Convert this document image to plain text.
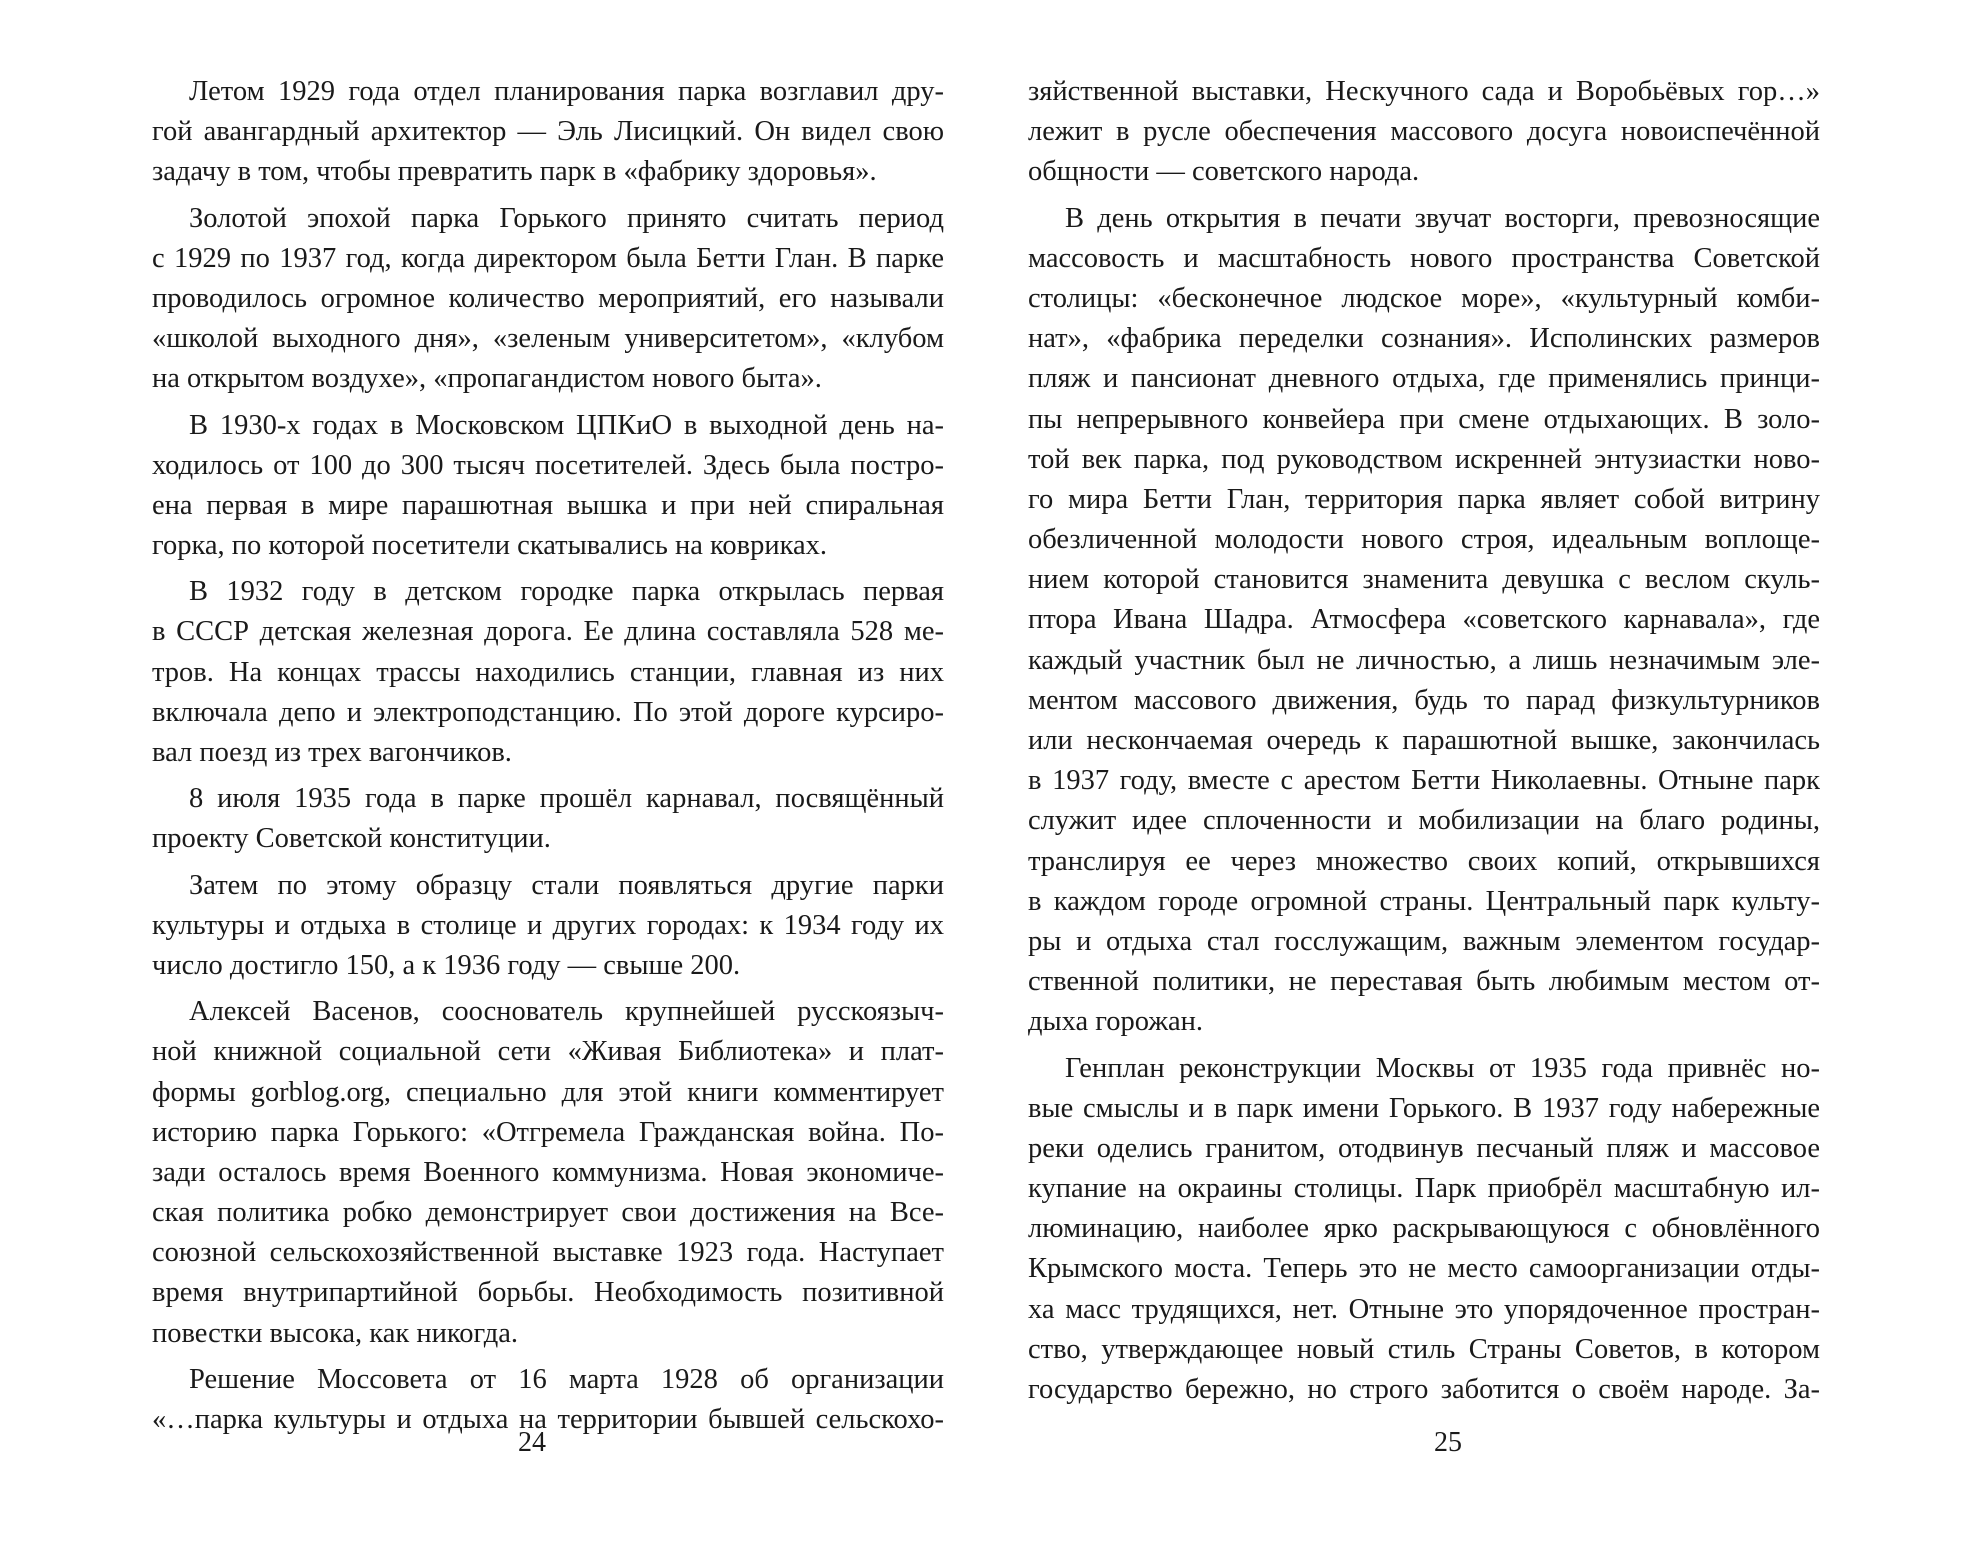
Летом 1929 года отдел планирования парка возглавил дру-
гой авангардный архитектор — Эль Лисицкий. Он видел свою
задачу в том, чтобы превратить парк в «фабрику здоровья».
Золотой эпохой парка Горького принято считать период
с 1929 по 1937 год, когда директором была Бетти Глан. В парке
проводилось огромное количество мероприятий, его называли
«школой выходного дня», «зеленым университетом», «клубом
на открытом воздухе», «пропагандистом нового быта».
В 1930-х годах в Московском ЦПКиО в выходной день на-
ходилось от 100 до 300 тысяч посетителей. Здесь была постро-
ена первая в мире парашютная вышка и при ней спиральная
горка, по которой посетители скатывались на ковриках.
В 1932 году в детском городке парка открылась первая
в СССР детская железная дорога. Ее длина составляла 528 ме-
тров. На концах трассы находились станции, главная из них
включала депо и электроподстанцию. По этой дороге курсиро-
вал поезд из трех вагончиков.
8 июля 1935 года в парке прошёл карнавал, посвящённый
проекту Советской конституции.
Затем по этому образцу стали появляться другие парки
культуры и отдыха в столице и других городах: к 1934 году их
число достигло 150, а к 1936 году — свыше 200.
Алексей Васенов, сооснователь крупнейшей русскоязыч-
ной книжной социальной сети «Живая Библиотека» и плат-
формы gorblog.org, специально для этой книги комментирует
историю парка Горького: «Отгремела Гражданская война. По-
зади осталось время Военного коммунизма. Новая экономиче-
ская политика робко демонстрирует свои достижения на Все-
союзной сельскохозяйственной выставке 1923 года. Наступает
время внутрипартийной борьбы. Необходимость позитивной
повестки высока, как никогда.
Решение Моссовета от 16 марта 1928 об организации
«…парка культуры и отдыха на территории бывшей сельскохо-
зяйственной выставки, Нескучного сада и Воробьёвых гор…»
лежит в русле обеспечения массового досуга новоиспечённой
общности — советского народа.
В день открытия в печати звучат восторги, превозносящие
массовость и масштабность нового пространства Советской
столицы: «бесконечное людское море», «культурный комби-
нат», «фабрика переделки сознания». Исполинских размеров
пляж и пансионат дневного отдыха, где применялись принци-
пы непрерывного конвейера при смене отдыхающих. В золо-
той век парка, под руководством искренней энтузиастки ново-
го мира Бетти Глан, территория парка являет собой витрину
обезличенной молодости нового строя, идеальным воплоще-
нием которой становится знаменита девушка с веслом скуль-
птора Ивана Шадра. Атмосфера «советского карнавала», где
каждый участник был не личностью, а лишь незначимым эле-
ментом массового движения, будь то парад физкультурников
или нескончаемая очередь к парашютной вышке, закончилась
в 1937 году, вместе с арестом Бетти Николаевны. Отныне парк
служит идее сплоченности и мобилизации на благо родины,
транслируя ее через множество своих копий, открывшихся
в каждом городе огромной страны. Центральный парк культу-
ры и отдыха стал госслужащим, важным элементом государ-
ственной политики, не переставая быть любимым местом от-
дыха горожан.
Генплан реконструкции Москвы от 1935 года привнёс но-
вые смыслы и в парк имени Горького. В 1937 году набережные
реки оделись гранитом, отодвинув песчаный пляж и массовое
купание на окраины столицы. Парк приобрёл масштабную ил-
люминацию, наиболее ярко раскрывающуюся с обновлённого
Крымского моста. Теперь это не место самоорганизации отды-
ха масс трудящихся, нет. Отныне это упорядоченное простран-
ство, утверждающее новый стиль Страны Советов, в котором
государство бережно, но строго заботится о своём народе. За-
24	25
